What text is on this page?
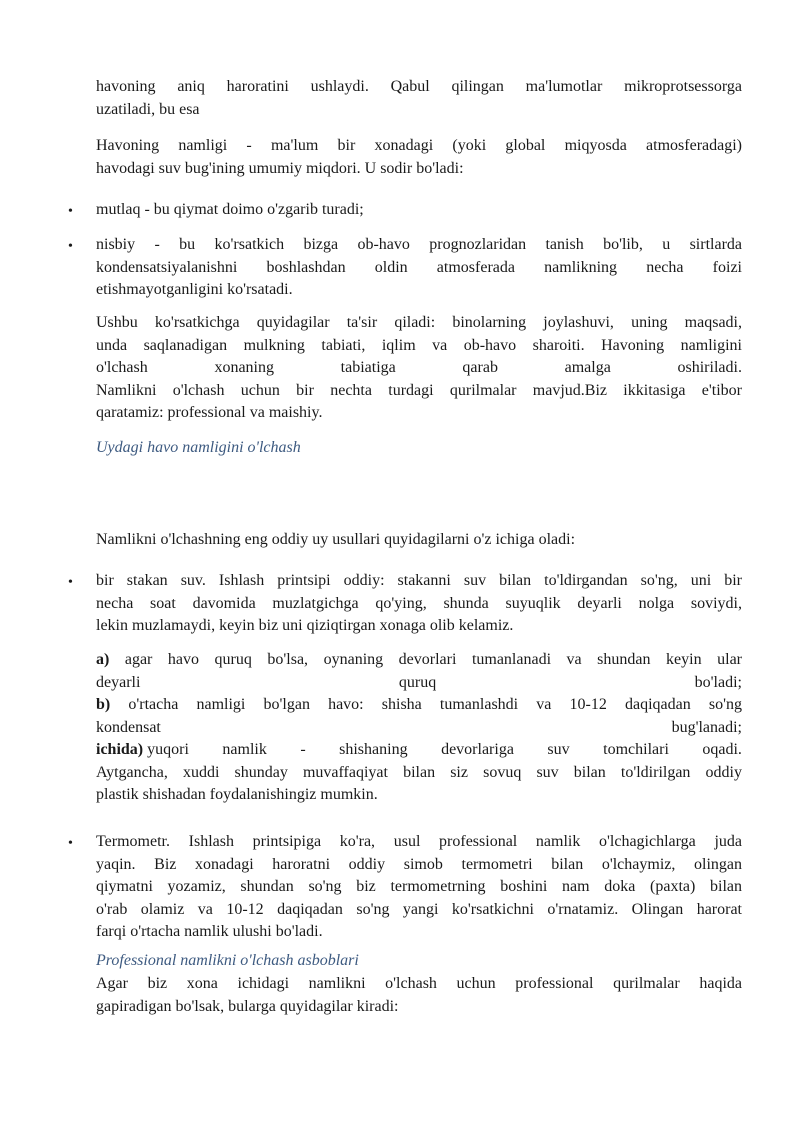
havoning aniq haroratini ushlaydi. Qabul qilingan ma'lumotlar mikroprotsessorga
uzatiladi, bu esa
Havoning namligi - ma'lum bir xonadagi (yoki global miqyosda atmosferadagi)
havodagi suv bug'ining umumiy miqdori. U sodir bo'ladi:
• mutlaq - bu qiymat doimo o'zgarib turadi;
• nisbiy - bu ko'rsatkich bizga ob-havo prognozlaridan tanish bo'lib, u sirtlarda
kondensatsiyalanishni boshlashdan oldin atmosferada namlikning necha foizi
etishmayotganligini ko'rsatadi.
Ushbu ko'rsatkichga quyidagilar ta'sir qiladi: binolarning joylashuvi, uning maqsadi,
unda saqlanadigan mulkning tabiati, iqlim va ob-havo sharoiti. Havoning namligini
o'lchash	xonaning	tabiatiga	qarab	amalga	oshiriladi.
Namlikni o'lchash uchun bir nechta turdagi qurilmalar mavjud.Biz ikkitasiga e'tibor
qaratamiz: professional va maishiy.
Uydagi havo namligini o'lchash
Namlikni o'lchashning eng oddiy uy usullari quyidagilarni o'z ichiga oladi:
• bir stakan suv. Ishlash printsipi oddiy: stakanni suv bilan to'ldirgandan so'ng, uni bir
necha soat davomida muzlatgichga qo'ying, shunda suyuqlik deyarli nolga soviydi,
lekin muzlamaydi, keyin biz uni qiziqtirgan xonaga olib kelamiz.
a) agar havo quruq bo'lsa, oynaning devorlari tumanlanadi va shundan keyin ular
deyarli	quruq	bo'ladi;
b) o'rtacha namligi bo'lgan havo: shisha tumanlashdi va 10-12 daqiqadan so'ng
kondensat	bug'lanadi;
ichida) yuqori namlik - shishaning devorlariga suv tomchilari oqadi.
Aytgancha, xuddi shunday muvaffaqiyat bilan siz sovuq suv bilan to'ldirilgan oddiy
plastik shishadan foydalanishingiz mumkin.
• Termometr. Ishlash printsipiga ko'ra, usul professional namlik o'lchagichlarga juda
yaqin. Biz xonadagi haroratni oddiy simob termometri bilan o'lchaymiz, olingan
qiymatni yozamiz, shundan so'ng biz termometrning boshini nam doka (paxta) bilan
o'rab olamiz va 10-12 daqiqadan so'ng yangi ko'rsatkichni o'rnatamiz. Olingan harorat
farqi o'rtacha namlik ulushi bo'ladi.
Professional namlikni o'lchash asboblari
Agar biz xona ichidagi namlikni o'lchash uchun professional qurilmalar haqida
gapiradigan bo'lsak, bularga quyidagilar kiradi:
